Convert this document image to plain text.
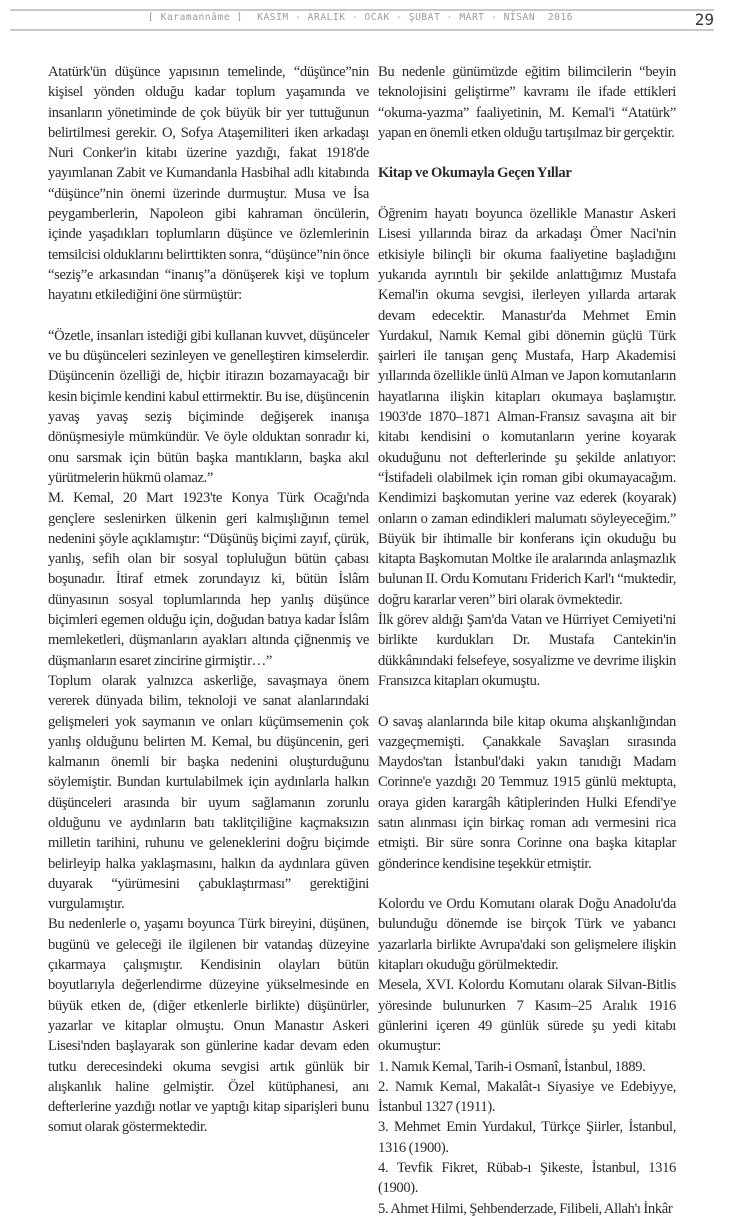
[ Karamannâme ] KASIM - ARALIK - OCAK - ŞUBAT - MART - NİSAN  2016	29

Atatürk'ün düşünce yapısının temelinde, “düşünce”nin kişisel yönden olduğu kadar toplum yaşamında ve insanların yönetiminde de çok büyük bir yer tuttuğunun belirtilmesi gerekir. O, Sofya Ataşemiliteri iken arkadaşı Nuri Conker'in kitabı üzerine yazdığı, fakat 1918'de yayımlanan Zabit ve Kumandanla Hasbihal adlı kitabında “düşünce”nin önemi üzerinde durmuştur. Musa ve İsa peygamberlerin, Napoleon gibi kahraman öncülerin, içinde yaşadıkları toplumların düşünce ve özlemlerinin temsilcisi olduklarını belirttikten sonra, “düşünce”nin önce “seziş”e arkasından “inanış”a dönüşerek kişi ve toplum hayatını etkilediğini öne sürmüştür:

“Özetle, insanları istediği gibi kullanan kuvvet, düşünceler ve bu düşünceleri sezinleyen ve genelleştiren kimselerdir. Düşüncenin özelliği de, hiçbir itirazın bozamayacağı bir kesin biçimle kendini kabul ettirmektir. Bu ise, düşüncenin yavaş yavaş seziş biçiminde değişerek inanışa dönüşmesiyle mümkündür. Ve öyle olduktan sonradır ki, onu sarsmak için bütün başka mantıkların, başka akıl yürütmelerin hükmü olamaz.”

M. Kemal, 20 Mart 1923'te Konya Türk Ocağı'nda gençlere seslenirken ülkenin geri kalmışlığının temel nedenini şöyle açıklamıştır: “Düşünüş biçimi zayıf, çürük, yanlış, sefih olan bir sosyal topluluğun bütün çabası boşunadır. İtiraf etmek zorundayız ki, bütün İslâm dünyasının sosyal toplumlarında hep yanlış düşünce biçimleri egemen olduğu için, doğudan batıya kadar İslâm memleketleri, düşmanların ayakları altında çiğnenmiş ve düşmanların esaret zincirine girmiştir…”

Toplum olarak yalnızca askerliğe, savaşmaya önem vererek dünyada bilim, teknoloji ve sanat alanlarındaki gelişmeleri yok saymanın ve onları küçümsemenin çok yanlış olduğunu belirten M. Kemal, bu düşüncenin, geri kalmanın önemli bir başka nedenini oluşturduğunu söylemiştir. Bundan kurtulabilmek için aydınlarla halkın düşünceleri arasında bir uyum sağlamanın zorunlu olduğunu ve aydınların batı taklitçiliğine kaçmaksızın milletin tarihini, ruhunu ve geleneklerini doğru biçimde belirleyip halka yaklaşmasını, halkın da aydınlara güven duyarak “yürümesini çabuklaştırması” gerektiğini vurgulamıştır.

Bu nedenlerle o, yaşamı boyunca Türk bireyini, düşünen, bugünü ve geleceği ile ilgilenen bir vatandaş düzeyine çıkarmaya çalışmıştır. Kendisinin olayları bütün boyutlarıyla değerlendirme düzeyine yükselmesinde en büyük etken de, (diğer etkenlerle birlikte) düşünürler, yazarlar ve kitaplar olmuştu. Onun Manastır Askeri Lisesi'nden başlayarak son günlerine kadar devam eden tutku derecesindeki okuma sevgisi artık günlük bir alışkanlık haline gelmiştir. Özel kütüphanesi, anı defterlerine yazdığı notlar ve yaptığı kitap siparişleri bunu somut olarak göstermektedir.

Bu nedenle günümüzde eğitim bilimcilerin “beyin teknolojisini geliştirme” kavramı ile ifade ettikleri “okuma-yazma” faaliyetinin, M. Kemal'i “Atatürk” yapan en önemli etken olduğu tartışılmaz bir gerçektir.

Kitap ve Okumayla Geçen Yıllar

Öğrenim hayatı boyunca özellikle Manastır Askeri Lisesi yıllarında biraz da arkadaşı Ömer Naci'nin etkisiyle bilinçli bir okuma faaliyetine başladığını yukarıda ayrıntılı bir şekilde anlattığımız Mustafa Kemal'in okuma sevgisi, ilerleyen yıllarda artarak devam edecektir. Manastır'da Mehmet Emin Yurdakul, Namık Kemal gibi dönemin güçlü Türk şairleri ile tanışan genç Mustafa, Harp Akademisi yıllarında özellikle ünlü Alman ve Japon komutanların hayatlarına ilişkin kitapları okumaya başlamıştır. 1903'de 1870–1871 Alman-Fransız savaşına ait bir kitabı kendisini o komutanların yerine koyarak okuduğunu not defterlerinde şu şekilde anlatıyor: “İstifadeli olabilmek için roman gibi okumayacağım. Kendimizi başkomutan yerine vaz ederek (koyarak) onların o zaman edindikleri malumatı söyleyeceğim.” Büyük bir ihtimalle bir konferans için okuduğu bu kitapta Başkomutan Moltke ile aralarında anlaşmazlık bulunan II. Ordu Komutanı Friderich Karl'ı “muktedir, doğru kararlar veren” biri olarak övmektedir.

İlk görev aldığı Şam'da Vatan ve Hürriyet Cemiyeti'ni birlikte kurdukları Dr. Mustafa Cantekin'in dükkânındaki felsefeye, sosyalizme ve devrime ilişkin Fransızca kitapları okumuştu.

O savaş alanlarında bile kitap okuma alışkanlığından vazgeçmemişti. Çanakkale Savaşları sırasında Maydos'tan İstanbul'daki yakın tanıdığı Madam Corinne'e yazdığı 20 Temmuz 1915 günlü mektupta, oraya giden karargâh kâtiplerinden Hulki Efendi'ye satın alınması için birkaç roman adı vermesini rica etmişti. Bir süre sonra Corinne ona başka kitaplar gönderince kendisine teşekkür etmiştir.

Kolordu ve Ordu Komutanı olarak Doğu Anadolu'da bulunduğu dönemde ise birçok Türk ve yabancı yazarlarla birlikte Avrupa'daki son gelişmelere ilişkin kitapları okuduğu görülmektedir.

Mesela, XVI. Kolordu Komutanı olarak Silvan-Bitlis yöresinde bulunurken 7 Kasım–25 Aralık 1916 günlerini içeren 49 günlük sürede şu yedi kitabı okumuştur:

1. Namık Kemal, Tarih-i Osmanî, İstanbul, 1889.
2. Namık Kemal, Makalât-ı Siyasiye ve Edebiyye, İstanbul 1327 (1911).
3. Mehmet Emin Yurdakul, Türkçe Şiirler, İstanbul, 1316 (1900).
4. Tevfik Fikret, Rübab-ı Şikeste, İstanbul, 1316 (1900).
5. Ahmet Hilmi, Şehbenderzade, Filibeli, Allah'ı İnkâr
